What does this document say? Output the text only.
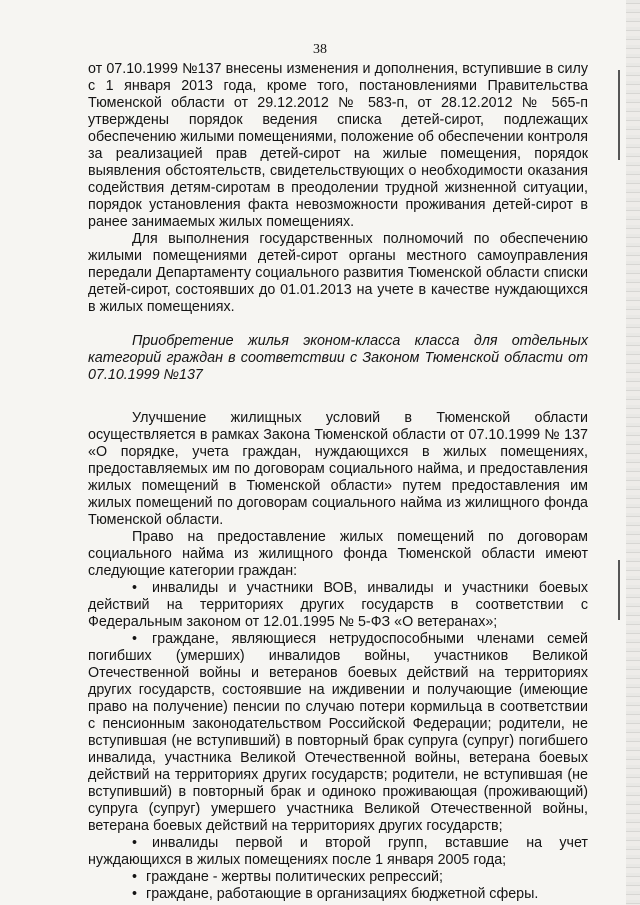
38

от 07.10.1999 №137 внесены изменения и дополнения, вступившие в силу с 1 января 2013 года, кроме того, постановлениями Правительства Тюменской области от 29.12.2012 № 583-п, от 28.12.2012 № 565-п утверждены порядок ведения списка детей-сирот, подлежащих обеспечению жилыми помещениями, положение об обеспечении контроля за реализацией прав детей-сирот на жилые помещения, порядок выявления обстоятельств, свидетельствующих о необходимости оказания содействия детям-сиротам в преодолении трудной жизненной ситуации, порядок установления факта невозможности проживания детей-сирот в ранее занимаемых жилых помещениях.

Для выполнения государственных полномочий по обеспечению жилыми помещениями детей-сирот органы местного самоуправления передали Департаменту социального развития Тюменской области списки детей-сирот, состоявших до 01.01.2013 на учете в качестве нуждающихся в жилых помещениях.

Приобретение жилья эконом-класса класса для отдельных категорий граждан в соответствии с Законом Тюменской области от 07.10.1999 №137

Улучшение жилищных условий в Тюменской области осуществляется в рамках Закона Тюменской области от 07.10.1999 № 137 «О порядке, учета граждан, нуждающихся в жилых помещениях, предоставляемых им по договорам социального найма, и предоставления жилых помещений в Тюменской области» путем предоставления им жилых помещений по договорам социального найма из жилищного фонда Тюменской области.

Право на предоставление жилых помещений по договорам социального найма из жилищного фонда Тюменской области имеют следующие категории граждан:

• инвалиды и участники ВОВ, инвалиды и участники боевых действий на территориях других государств в соответствии с Федеральным законом от 12.01.1995 № 5-ФЗ «О ветеранах»;

• граждане, являющиеся нетрудоспособными членами семей погибших (умерших) инвалидов войны, участников Великой Отечественной войны и ветеранов боевых действий на территориях других государств, состоявшие на иждивении и получающие (имеющие право на получение) пенсии по случаю потери кормильца в соответствии с пенсионным законодательством Российской Федерации; родители, не вступившая (не вступивший) в повторный брак супруга (супруг) погибшего инвалида, участника Великой Отечественной войны, ветерана боевых действий на территориях других государств; родители, не вступившая (не вступивший) в повторный брак и одиноко проживающая (проживающий) супруга (супруг) умершего участника Великой Отечественной войны, ветерана боевых действий на территориях других государств;

• инвалиды первой и второй групп, вставшие на учет нуждающихся в жилых помещениях после 1 января 2005 года;

• граждане - жертвы политических репрессий;

• граждане, работающие в организациях бюджетной сферы.
